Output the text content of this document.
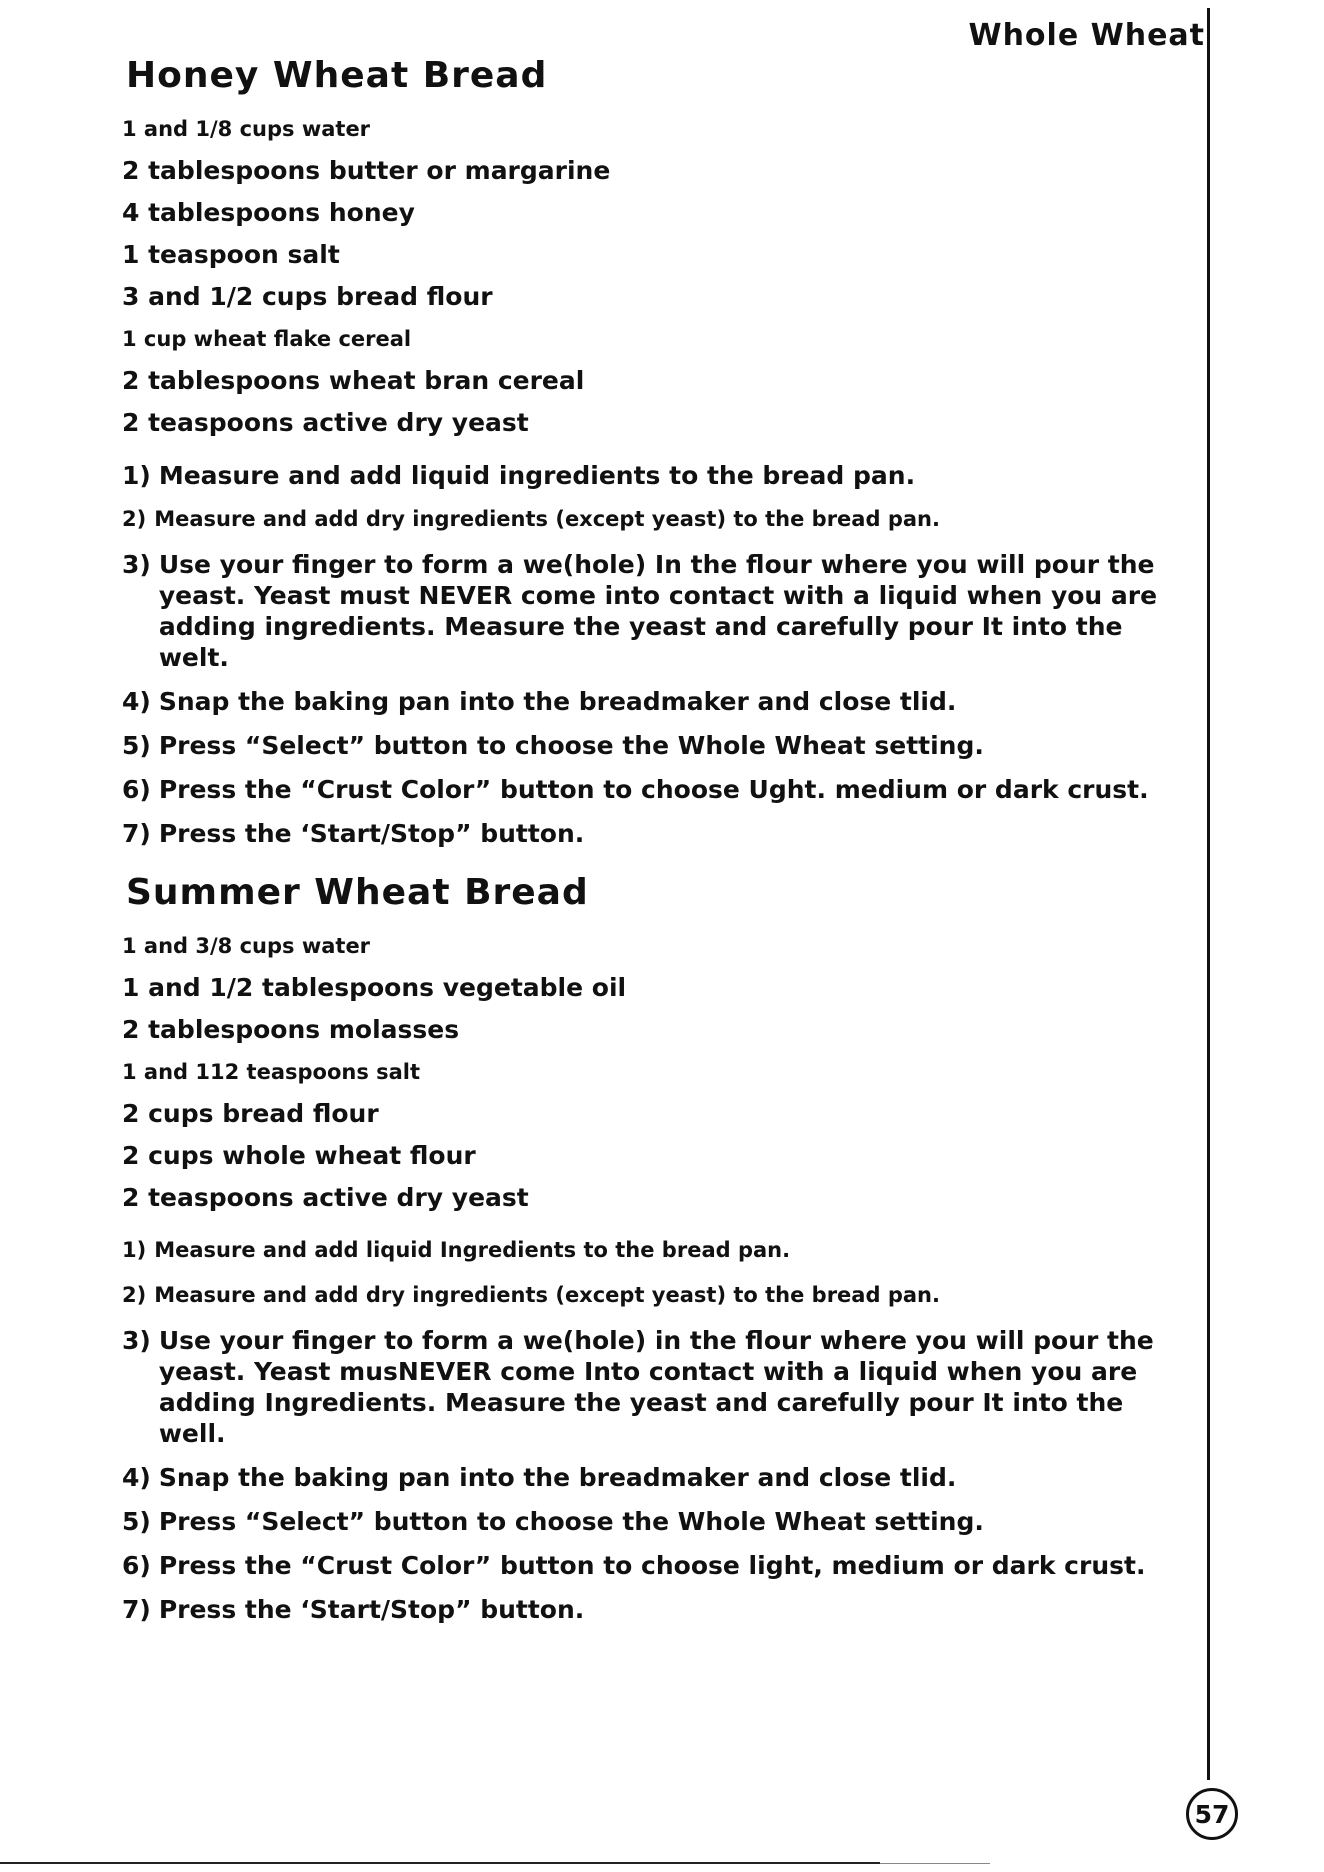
Whole Wheat
Honey Wheat Bread
1 and 1/8 cups water
2 tablespoons butter or margarine
4 tablespoons honey
1 teaspoon salt
3 and 1/2 cups bread flour
1 cup wheat flake cereal
2 tablespoons wheat bran cereal
2 teaspoons active dry yeast
1) Measure and add liquid ingredients to the bread pan.
2) Measure and add dry ingredients (except yeast) to the bread pan.
3) Use your finger to form a we(hole) In the flour where you will pour the yeast. Yeast must NEVER come into contact with a liquid when you are adding ingredients. Measure the yeast and carefully pour It into the welt.
4) Snap the baking pan into the breadmaker and close tlid.
5) Press “Select” button to choose the Whole Wheat setting.
6) Press the “Crust Color” button to choose Ught. medium or dark crust.
7) Press the ‘Start/Stop” button.
Summer Wheat Bread
1 and 3/8 cups water
1 and 1/2 tablespoons vegetable oil
2 tablespoons molasses
1 and 112 teaspoons salt
2 cups bread flour
2 cups whole wheat flour
2 teaspoons active dry yeast
1) Measure and add liquid Ingredients to the bread pan.
2) Measure and add dry ingredients (except yeast) to the bread pan.
3) Use your finger to form a we(hole) in the flour where you will pour the yeast. Yeast musNEVER come Into contact with a liquid when you are adding Ingredients. Measure the yeast and carefully pour It into the well.
4) Snap the baking pan into the breadmaker and close tlid.
5) Press “Select” button to choose the Whole Wheat setting.
6) Press the “Crust Color” button to choose light, medium or dark crust.
7) Press the ‘Start/Stop” button.
57
